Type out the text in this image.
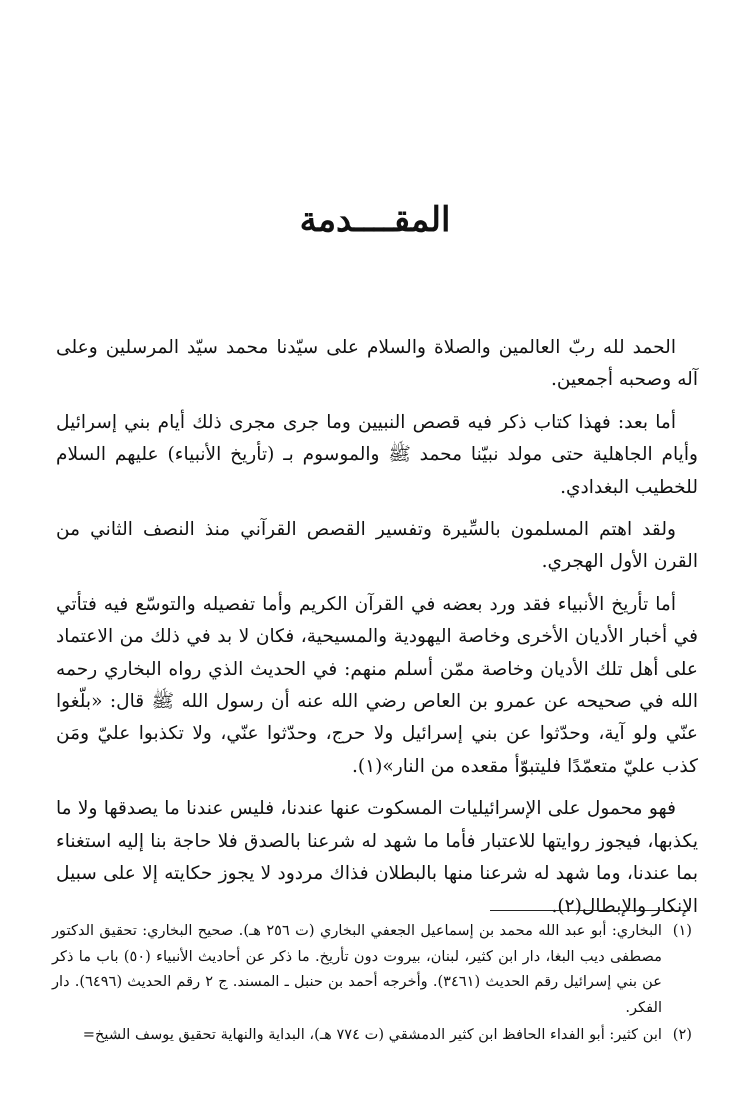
المقــــدمة

الحمد لله ربّ العالمين والصلاة والسلام على سيّدنا محمد سيّد المرسلين وعلى آله وصحبه أجمعين.

أما بعد: فهذا كتاب ذكر فيه قصص النبيين وما جرى مجرى ذلك أيام بني إسرائيل وأيام الجاهلية حتى مولد نبيّنا محمد ﷺ والموسوم بـ (تأريخ الأنبياء) عليهم السلام للخطيب البغدادي.

ولقد اهتم المسلمون بالسِّيرة وتفسير القصص القرآني منذ النصف الثاني من القرن الأول الهجري.

أما تأريخ الأنبياء فقد ورد بعضه في القرآن الكريم وأما تفصيله والتوسّع فيه فتأتي في أخبار الأديان الأخرى وخاصة اليهودية والمسيحية، فكان لا بد في ذلك من الاعتماد على أهل تلك الأديان وخاصة ممّن أسلم منهم: في الحديث الذي رواه البخاري رحمه الله في صحيحه عن عمرو بن العاص رضي الله عنه أن رسول الله ﷺ قال: «بلّغوا عنّي ولو آية، وحدّثوا عن بني إسرائيل ولا حرج، وحدّثوا عنّي، ولا تكذبوا عليّ ومَن كذب عليّ متعمّدًا فليتبوّأ مقعده من النار»(١).

فهو محمول على الإسرائيليات المسكوت عنها عندنا، فليس عندنا ما يصدقها ولا ما يكذبها، فيجوز روايتها للاعتبار فأما ما شهد له شرعنا بالصدق فلا حاجة بنا إليه استغناء بما عندنا، وما شهد له شرعنا منها بالبطلان فذاك مردود لا يجوز حكايته إلا على سبيل الإنكار والإبطال(٢).

(١)
البخاري: أبو عبد الله محمد بن إسماعيل الجعفي البخاري (ت ٢٥٦ هـ). صحيح البخاري: تحقيق الدكتور مصطفى ديب البغا، دار ابن كثير، لبنان، بيروت دون تأريخ. ما ذكر عن أحاديث الأنبياء (٥٠) باب ما ذكر عن بني إسرائيل رقم الحديث (٣٤٦١). وأخرجه أحمد بن حنبل ـ المسند. ج ٢ رقم الحديث (٦٤٩٦). دار الفكر.
(٢)
ابن كثير: أبو الفداء الحافظ ابن كثير الدمشقي (ت ٧٧٤ هـ)، البداية والنهاية تحقيق يوسف الشيخ=
